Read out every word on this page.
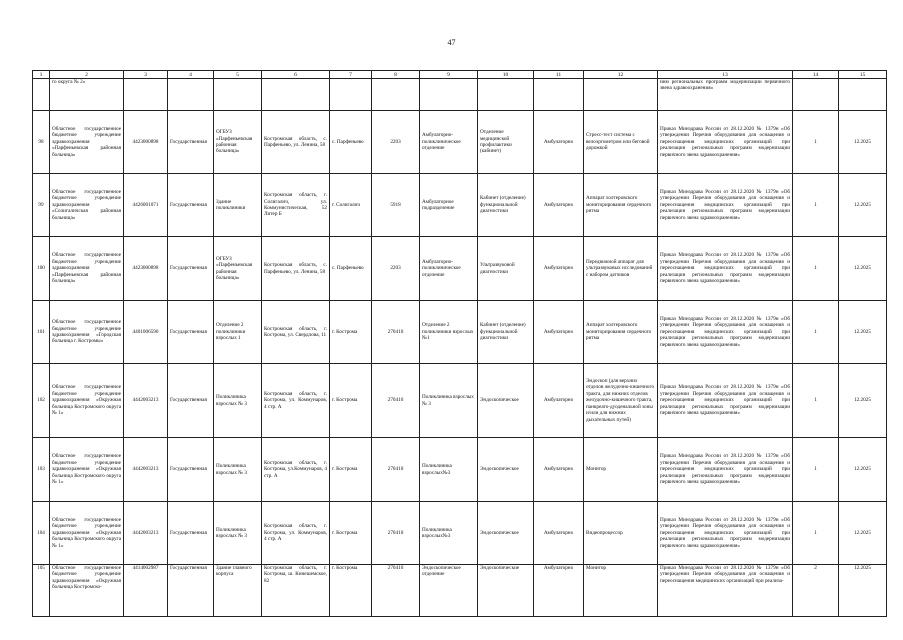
47
1	2	3	4	5	6	7	8	9	10	11	12	13	14	15
	го округа № 2»											ним региональных программ модернизации первичного звена здравоохранения»		
98	Областное государственное бюджетное учреждение здравоохранения «Парфеньевская районная больница»	4423000898	Государственная	ОГБУЗ «Парфеньевская районная больница»	Костромская область, с. Парфеньево, ул. Ленина, 58	с. Парфеньево	2203	Амбулаторно-поликлиническое отделение	Отделение медицинской профилактики (кабинет)	Амбулаторно	Стресс-тест система с велоэргометром или беговой дорожкой	Приказ Минздрава России от 28.12.2020 № 1379н «Об утверждении Перечня оборудования для оснащения и переоснащения медицинских организаций при реализации региональных программ модернизации первичного звена здравоохранения»	1	12.2025
99	Областное государственное бюджетное учреждение здравоохранения «Солигаличская районная больница»	4426001071	Государственная	Здание поликлиники	Костромская область, г. Солигалич, ул. Коммунистическая, 52 Литер Б	г. Солигалич	5918	Амбулаторное подразделение	Кабинет (отделение) функциональной диагностики	Амбулаторно	Аппарат холтеровского мониторирования сердечного ритма	Приказ Минздрава России от 28.12.2020 № 1379н «Об утверждении Перечня оборудования для оснащения и переоснащения медицинских организаций при реализации региональных программ модернизации первичного звена здравоохранения»	1	12.2025
100	Областное государственное бюджетное учреждение здравоохранения «Парфеньевская районная больница»	4423000898	Государственная	ОГБУЗ «Парфеньевская районная больница»	Костромская область, с. Парфеньево, ул. Ленина, 58	с. Парфеньево	2203	Амбулаторно-поликлиническое отделение	Ультразвуковой диагностики	Амбулаторно	Передвижной аппарат для ультразвуковых исследований с набором датчиков	Приказ Минздрава России от 28.12.2020 № 1379н «Об утверждении Перечня оборудования для оснащения и переоснащения медицинских организаций при реализации региональных программ модернизации первичного звена здравоохранения»	1	12.2025
101	Областное государственное бюджетное учреждение здравоохранения «Городская больница г. Костромы»	4401006590	Государственная	Отделение 2 поликлиники взрослых 1	Костромская область, г. Кострома, ул. Свердлова, 11	г. Кострома	270410	Отделение 2 поликлиники взрослых №1	Кабинет (отделение) функциональной диагностики	Амбулаторно	Аппарат холтеровского мониторирования сердечного ритма	Приказ Минздрава России от 28.12.2020 № 1379н «Об утверждении Перечня оборудования для оснащения и переоснащения медицинских организаций при реализации региональных программ модернизации первичного звена здравоохранения»	1	12.2025
102	Областное государственное бюджетное учреждение здравоохранения «Окружная больница Костромского округа № 1»	4442003213	Государственная	Поликлиника взрослых № 3	Костромская область, г. Кострома, ул. Коммунаров, 4 стр. А	г. Кострома	270410	Поликлиника взрослых № 3	Эндоскопическое	Амбулаторно	Эндоскоп (для верхних отделов желудочно-кишечного тракта, для нижних отделов желудочно-кишечного тракта, панкреато-дуоденальной зоны и/или для нижних дыхательных путей)	Приказ Минздрава России от 28.12.2020 № 1379н «Об утверждении Перечня оборудования для оснащения и переоснащения медицинских организаций при реализации региональных программ модернизации первичного звена здравоохранения»	1	12.2025
103	Областное государственное бюджетное учреждение здравоохранения «Окружная больница Костромского округа № 1»	4442003213	Государственная	Поликлиника взрослых № 3	Костромская область, г. Кострома, ул.Коммунаров, 4 стр. А	г. Кострома	270410	Поликлиника взрослых№3	Эндоскопическое	Амбулаторно	Монитор	Приказ Минздрава России от 28.12.2020 № 1379н «Об утверждении Перечня оборудования для оснащения и переоснащения медицинских организаций при реализации региональных программ модернизации первичного звена здравоохранения»	1	12.2025
104	Областное государственное бюджетное учреждение здравоохранения «Окружная больница Костромского округа № 1»	4442003213	Государственная	Поликлиника взрослых № 3	Костромская область, г. Кострома, ул. Коммунаров, 4 стр. А	г. Кострома	270410	Поликлиника взрослых№3	Эндоскопическое	Амбулаторно	Видеопроцессор	Приказ Минздрава России от 28.12.2020 № 1379н «Об утверждении Перечня оборудования для оснащения и переоснащения медицинских организаций при реализации региональных программ модернизации первичного звена здравоохранения»	1	12.2025
105	Областное государственное бюджетное учреждение здравоохранения «Окружная больница Костромско-	4414002987	Государственная	Здание главного корпуса	Костромская область, г. Кострома, ш. Кинешемское, 82	г. Кострома	270410	Эндоскопическое отделение	Эндоскопические	Амбулаторно	Монитор	Приказ Минздрава России от 28.12.2020 № 1379н «Об утверждении Перечня оборудования для оснащения и переоснащения медицинских организаций при реализа-	2	12.2025
